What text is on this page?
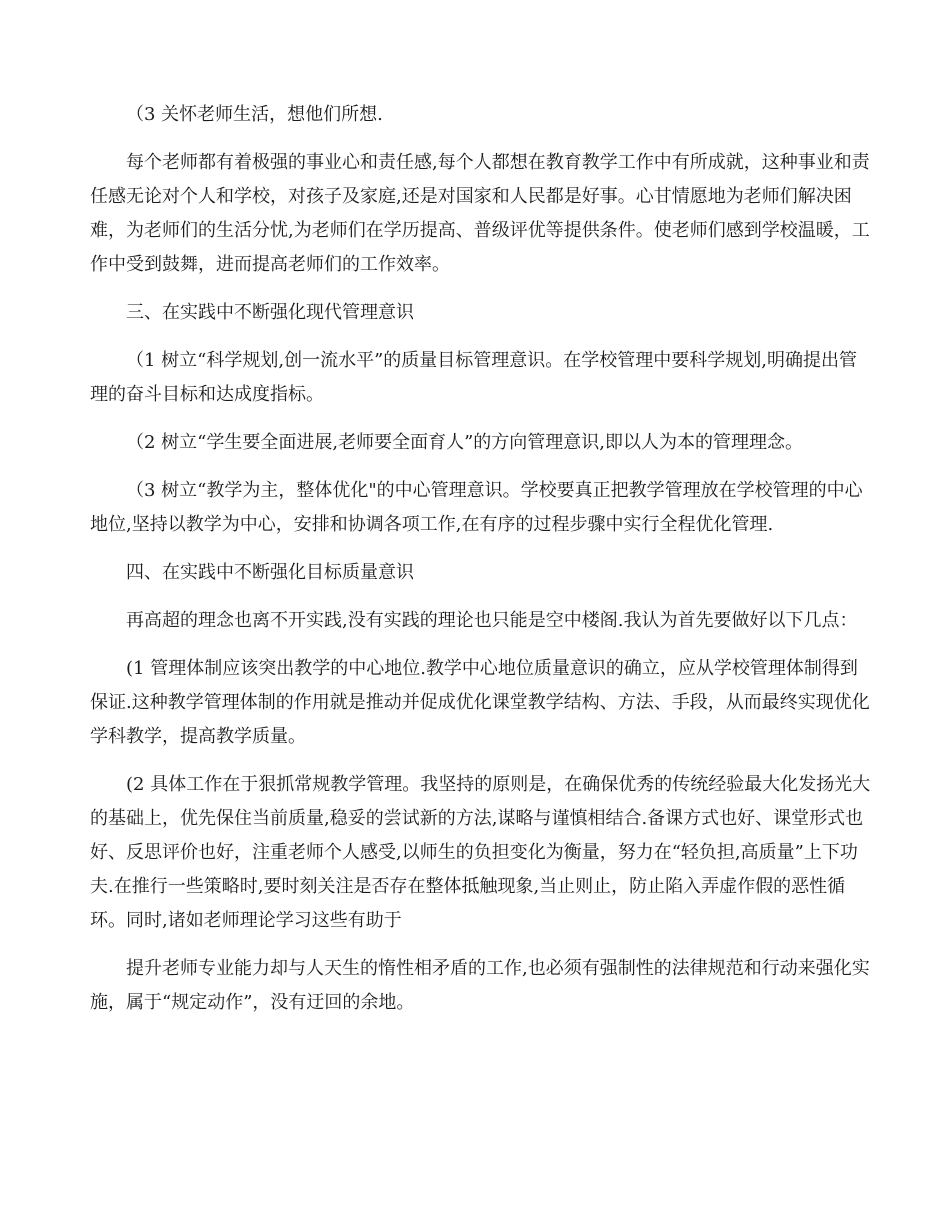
（3 关怀老师生活，想他们所想.

每个老师都有着极强的事业心和责任感,每个人都想在教育教学工作中有所成就，这种事业和责任感无论对个人和学校，对孩子及家庭,还是对国家和人民都是好事。心甘情愿地为老师们解决困难，为老师们的生活分忧,为老师们在学历提高、普级评优等提供条件。使老师们感到学校温暖，工作中受到鼓舞，进而提高老师们的工作效率。

三、在实践中不断强化现代管理意识

（1 树立“科学规划,创一流水平”的质量目标管理意识。在学校管理中要科学规划,明确提出管理的奋斗目标和达成度指标。

（2 树立“学生要全面进展,老师要全面育人”的方向管理意识,即以人为本的管理理念。

（3 树立“教学为主，整体优化"的中心管理意识。学校要真正把教学管理放在学校管理的中心地位,坚持以教学为中心，安排和协调各项工作,在有序的过程步骤中实行全程优化管理.

四、在实践中不断强化目标质量意识

再高超的理念也离不开实践,没有实践的理论也只能是空中楼阁.我认为首先要做好以下几点：

(1 管理体制应该突出教学的中心地位.教学中心地位质量意识的确立，应从学校管理体制得到保证.这种教学管理体制的作用就是推动并促成优化课堂教学结构、方法、手段，从而最终实现优化学科教学，提高教学质量。

(2 具体工作在于狠抓常规教学管理。我坚持的原则是，在确保优秀的传统经验最大化发扬光大的基础上，优先保住当前质量,稳妥的尝试新的方法,谋略与谨慎相结合.备课方式也好、课堂形式也好、反思评价也好，注重老师个人感受,以师生的负担变化为衡量，努力在“轻负担,高质量”上下功夫.在推行一些策略时,要时刻关注是否存在整体抵触现象,当止则止，防止陷入弄虚作假的恶性循环。同时,诸如老师理论学习这些有助于

提升老师专业能力却与人天生的惰性相矛盾的工作,也必须有强制性的法律规范和行动来强化实施，属于“规定动作”，没有迂回的余地。
